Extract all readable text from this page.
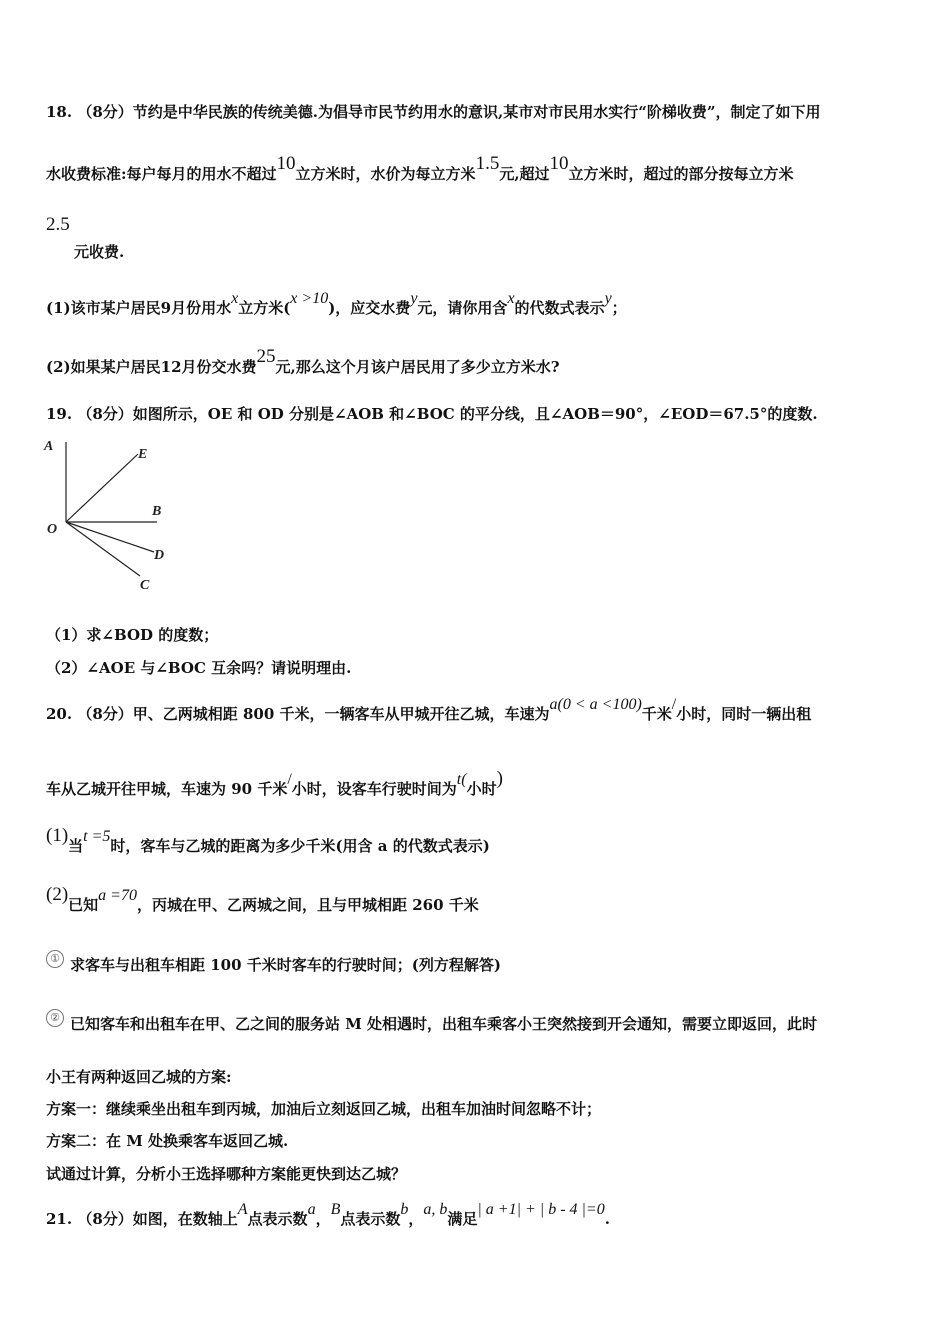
18. （8分）节约是中华民族的传统美德.为倡导市民节约用水的意识,某市对市民用水实行“阶梯收费”，制定了如下用
水收费标准:每户每月的用水不超过10立方米时，水价为每立方米1.5元,超过10立方米时，超过的部分按每立方米
2.5
元收费.
(1)该市某户居民9月份用水x立方米(x >10)，应交水费y元，请你用含x的代数式表示y；
(2)如果某户居民12月份交水费25元,那么这个月该户居民用了多少立方米水?
19. （8分）如图所示，OE 和 OD 分别是∠AOB 和∠BOC 的平分线，且∠AOB＝90°，∠EOD＝67.5°的度数.
A
E
B
O
D
C
（1）求∠BOD 的度数；
（2）∠AOE 与∠BOC 互余吗？请说明理由.
20. （8分）甲、乙两城相距 800 千米，一辆客车从甲城开往乙城，车速为a(0 < a <100)千米/小时，同时一辆出租
车从乙城开往甲城，车速为 90 千米/小时，设客车行驶时间为t(小时)
(1)当t =5时，客车与乙城的距离为多少千米(用含 a 的代数式表示)
(2)已知a =70，丙城在甲、乙两城之间，且与甲城相距 260 千米
① 求客车与出租车相距 100 千米时客车的行驶时间；(列方程解答)
② 已知客车和出租车在甲、乙之间的服务站 M 处相遇时，出租车乘客小王突然接到开会通知，需要立即返回，此时
小王有两种返回乙城的方案:
方案一：继续乘坐出租车到丙城，加油后立刻返回乙城，出租车加油时间忽略不计；
方案二：在 M 处换乘客车返回乙城.
试通过计算，分析小王选择哪种方案能更快到达乙城？
21. （8分）如图，在数轴上A点表示数a，B点表示数b，a, b满足| a +1| + | b - 4 |=0.
